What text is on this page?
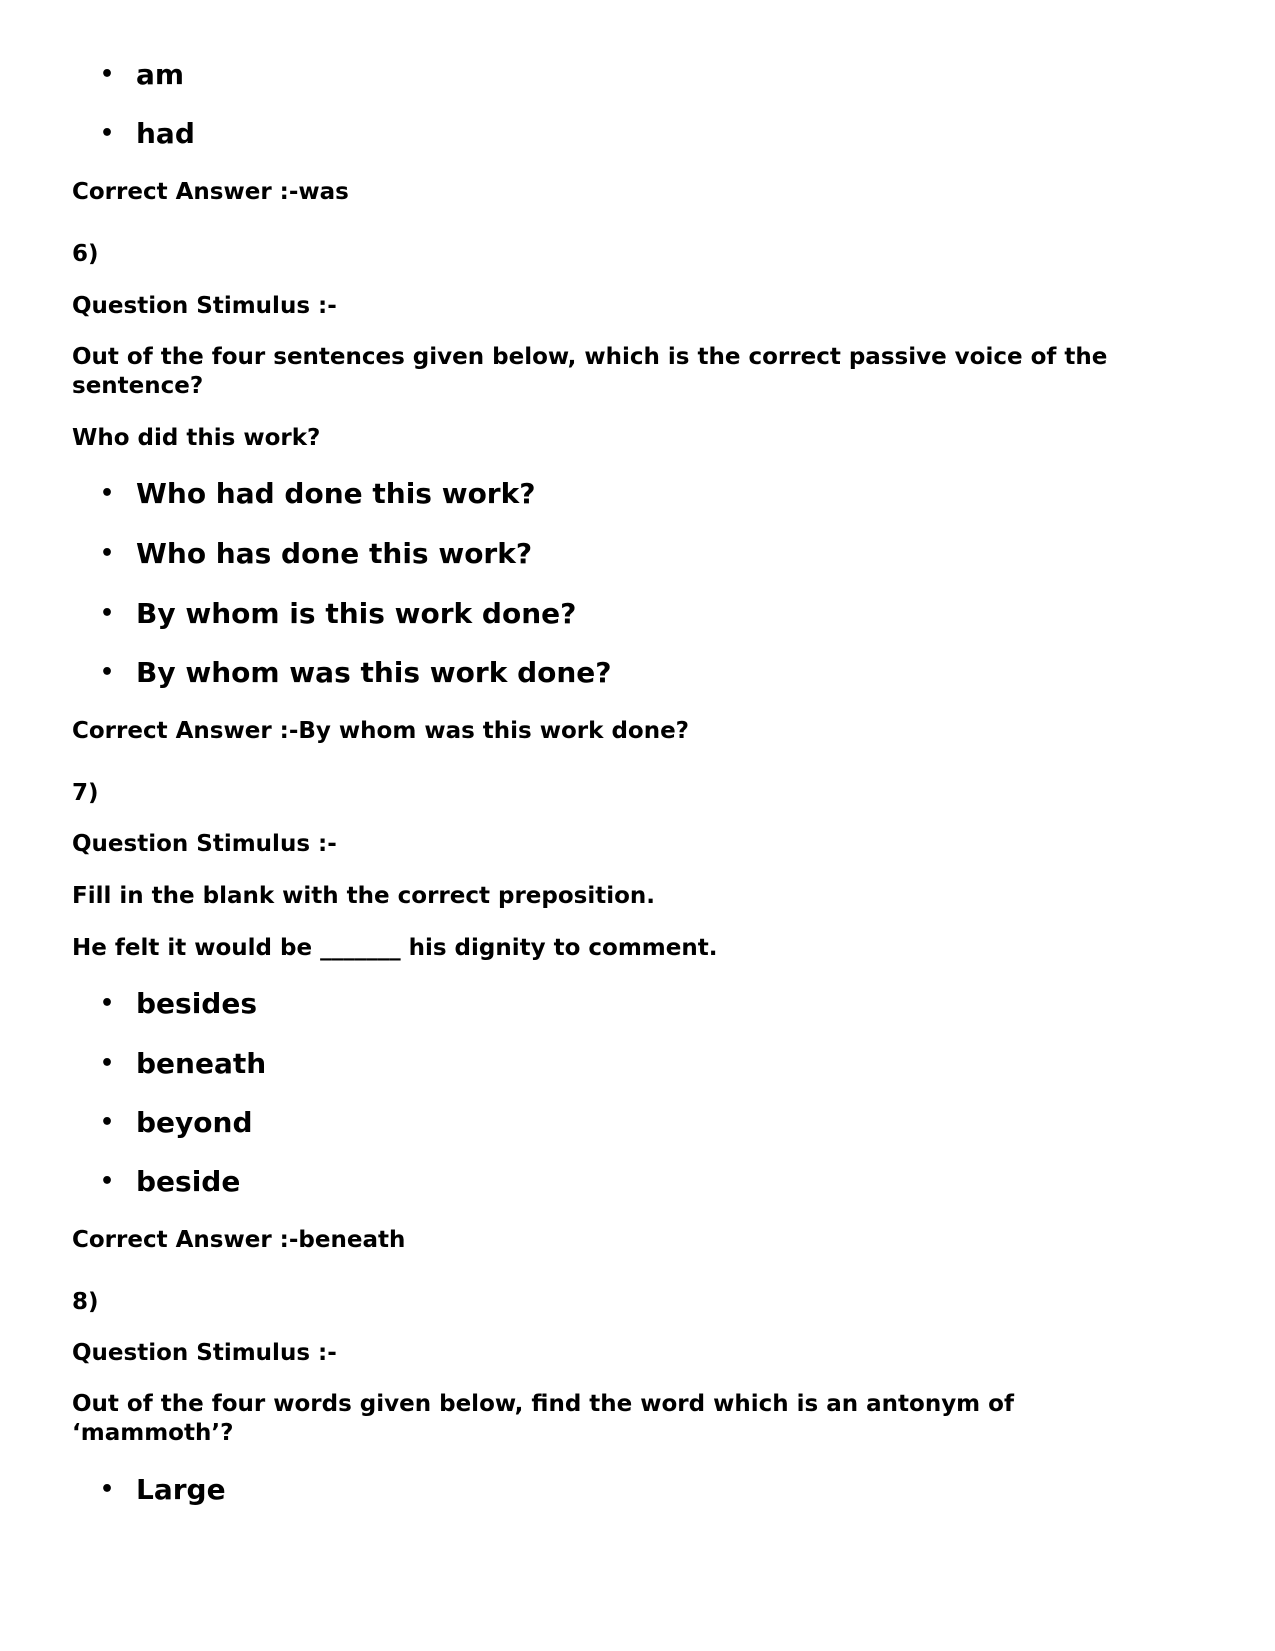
• am
• had

Correct Answer :-was

6)

Question Stimulus :-

Out of the four sentences given below, which is the correct passive voice of the sentence?

Who did this work?

• Who had done this work?
• Who has done this work?
• By whom is this work done?
• By whom was this work done?

Correct Answer :-By whom was this work done?

7)

Question Stimulus :-

Fill in the blank with the correct preposition.

He felt it would be _______ his dignity to comment.

• besides
• beneath
• beyond
• beside

Correct Answer :-beneath

8)

Question Stimulus :-

Out of the four words given below, find the word which is an antonym of ‘mammoth’?

• Large
